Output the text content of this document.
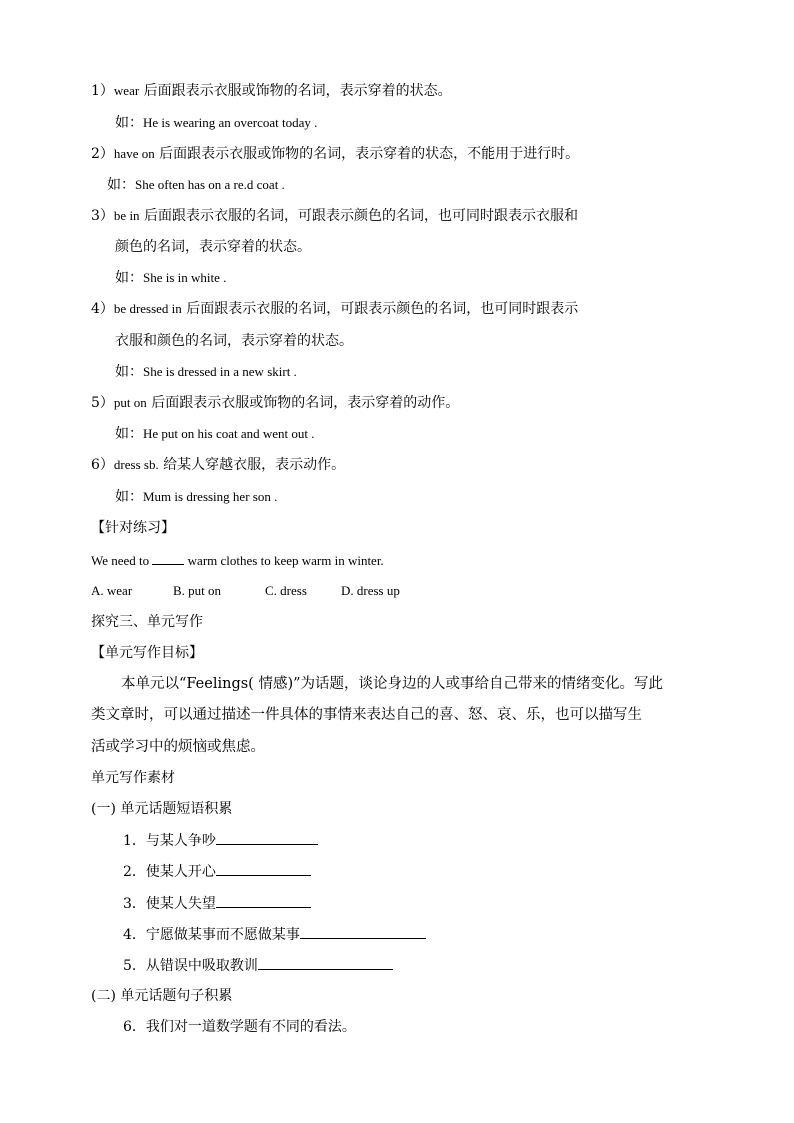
1）wear 后面跟表示衣服或饰物的名词，表示穿着的状态。
如：He is wearing an overcoat today .
2）have on 后面跟表示衣服或饰物的名词，表示穿着的状态，不能用于进行时。
如：She often has on a re.d coat .
3）be in 后面跟表示衣服的名词，可跟表示颜色的名词，也可同时跟表示衣服和
颜色的名词，表示穿着的状态。
如：She is in white .
4）be dressed in 后面跟表示衣服的名词，可跟表示颜色的名词，也可同时跟表示
衣服和颜色的名词，表示穿着的状态。
如：She is dressed in a new skirt .
5）put on 后面跟表示衣服或饰物的名词，表示穿着的动作。
如：He put on his coat and went out .
6）dress sb. 给某人穿越衣服，表示动作。
如：Mum is dressing her son .
【针对练习】
We need to  warm clothes to keep warm in winter.
A. wear	B. put on	C. dress	D. dress up
探究三、单元写作
【单元写作目标】
本单元以“Feelings( 情感)”为话题，谈论身边的人或事给自己带来的情绪变化。写此
类文章时，可以通过描述一件具体的事情来表达自己的喜、怒、哀、乐，也可以描写生
活或学习中的烦恼或焦虑。
单元写作素材
(一) 单元话题短语积累
1．与某人争吵
2．使某人开心
3．使某人失望
4．宁愿做某事而不愿做某事
5．从错误中吸取教训
(二) 单元话题句子积累
6．我们对一道数学题有不同的看法。
